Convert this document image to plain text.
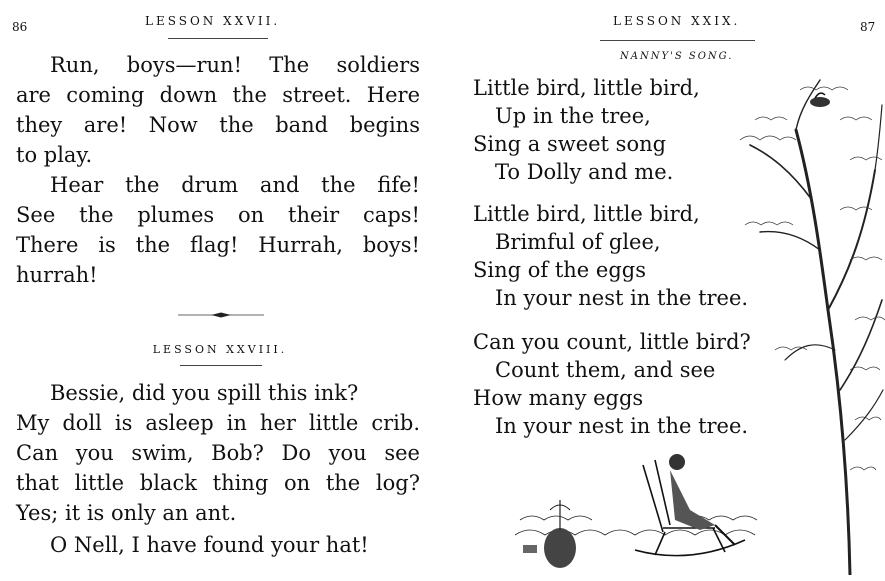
86	LESSON XXVII.

Run, boys—run! The soldiers
are coming down the street. Here
they are! Now the band begins
to play.

Hear the drum and the fife!
See the plumes on their caps!
There is the flag! Hurrah, boys!
hurrah!

LESSON XXVIII.

Bessie, did you spill this ink?
My doll is asleep in her little crib.
Can you swim, Bob? Do you see
that little black thing on the log?
Yes; it is only an ant.

O Nell, I have found your hat!

LESSON XXIX.	87
NANNY'S SONG.
Little bird, little bird,
Up in the tree,
Sing a sweet song
To Dolly and me.
Little bird, little bird,
Brimful of glee,
Sing of the eggs
In your nest in the tree.
Can you count, little bird?
Count them, and see
How many eggs
In your nest in the tree.
